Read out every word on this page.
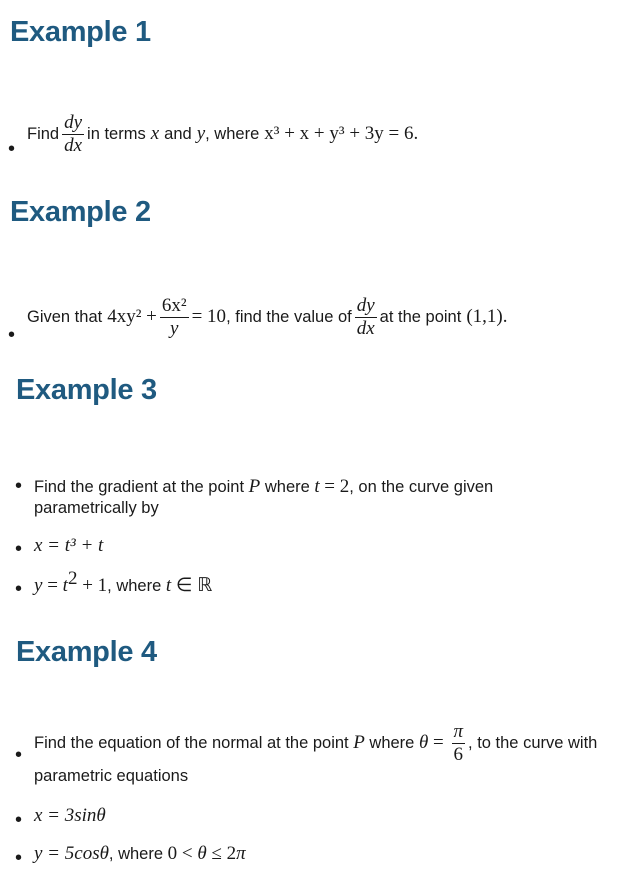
Example 1
•
Find $\frac{dy}{dx}$ in terms x and y , where x³ + x + y³ + 3y = 6.
Example 2
•
Given that $4xy^2 + \frac{\text{6x²}}{y} = 10$ , find the value of $\frac{dy}{dx}$ at the point (1,1).
Example 3
• Find the gradient at the point P where t = 2, on the curve given
parametrically by
• x = t³ + t
• $y = t^2 + 1$, where t ∈ ℝ
Example 4
•
Find the equation of the normal at the point P where $\theta = \frac{\pi}{6}$ , to the curve with
parametric equations
• x = 3sinθ
• y = 5cosθ, where 0 < θ ≤ 2π
